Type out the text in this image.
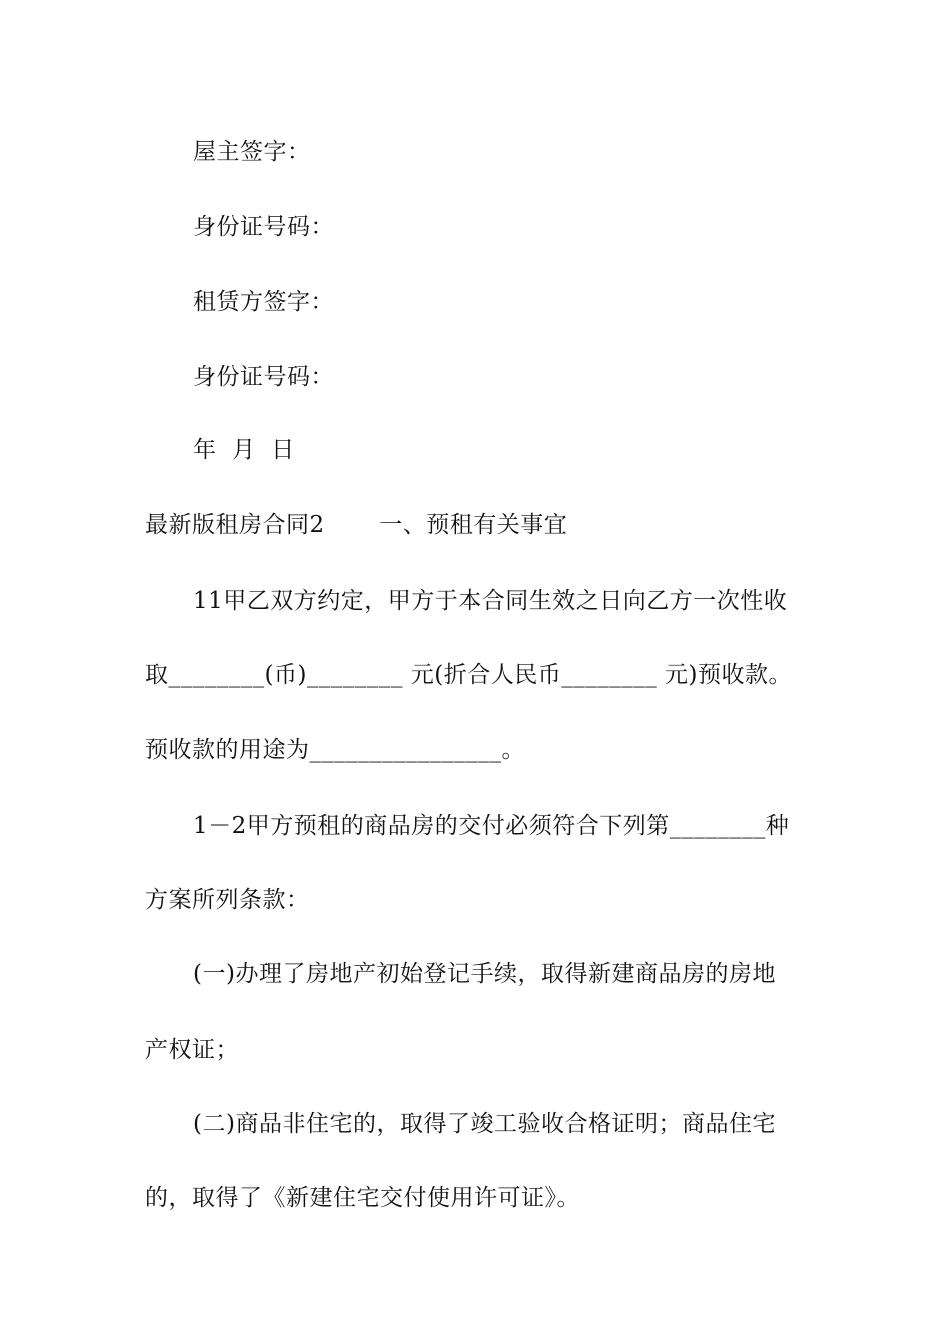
屋主签字：
身份证号码：
租赁方签字：
身份证号码：
年  月  日
最新版租房合同2       一、预租有关事宜
11甲乙双方约定，甲方于本合同生效之日向乙方一次性收
取________(币)________ 元(折合人民币________ 元)预收款。
预收款的用途为________________。
1－2甲方预租的商品房的交付必须符合下列第________种
方案所列条款：
(一)办理了房地产初始登记手续，取得新建商品房的房地
产权证；
(二)商品非住宅的，取得了竣工验收合格证明；商品住宅
的，取得了《新建住宅交付使用许可证》。
